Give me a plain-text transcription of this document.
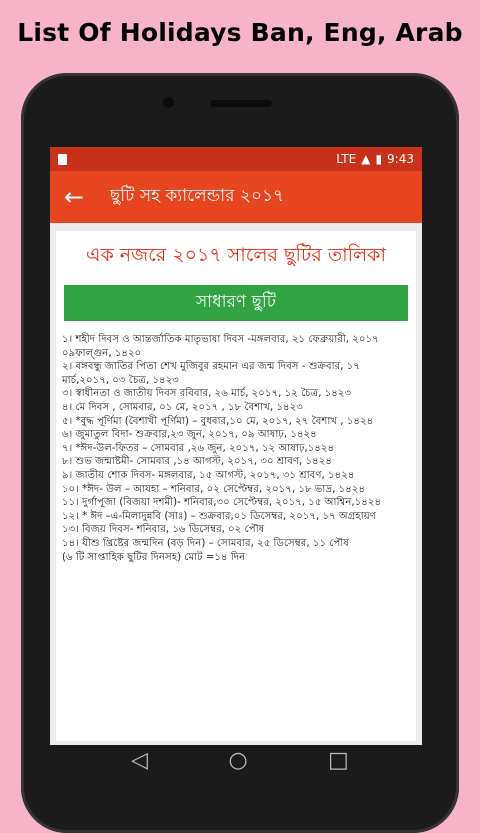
List Of Holidays Ban, Eng, Arab
LTE ▲ ▮ 9:43
←	ছুটি সহ ক্যালেন্ডার ২০১৭
এক নজরে ২০১৭ সালের ছুটির তালিকা
সাধারণ ছুটি
১। শহীদ দিবস ও আন্তর্জাতিক মাতৃভাষা দিবস -মঙ্গলবার, ২১ ফেব্রুয়ারী, ২০১৭ ০৯ফাল্গুন, ১৪২০
২। বঙ্গবন্ধু জাতির পিতা শেখ মুজিবুর রহমান এর জন্ম দিবস - শুক্রবার, ১৭ মার্চ,২০১৭, ০৩ চৈত্র, ১৪২৩
৩। স্বাধীনতা ও জাতীয় দিবস রবিবার, ২৬ মার্চ, ২০১৭, ১২ চৈত্র, ১৪২৩
৪। মে দিবস , সোমবার, ০১ মে, ২০১৭ , ১৮ বৈশাখ, ১৪২৩
৫। *বুদ্ধ পূর্ণিমা (বৈশাখী পূর্ণিমা) – বুধবার,১০ মে, ২০১৭, ২৭ বৈশাখ , ১৪২৪
৬। জুমাতুল বিদা- শুক্রবার,২৩ জুন, ২০১৭, ০৯ আষাঢ়, ১৪২৪
৭। *ঈদ-উল-ফিতর – সোমবার ,২৬ জুন, ২০১৭, ১২ আষাঢ়,১৪২৪
৮। শুভ জন্মাষ্টমী- সোমবার ,১৪ আগস্ট, ২০১৭, ৩০ শ্রাবণ, ১৪২৪
৯। জাতীয় শোক দিবস- মঙ্গলবার, ১৫ আগস্ট, ২০১৭, ৩১ শ্রাবণ, ১৪২৪
১০। *ঈদ- উল – আযহা – শনিবার, ০২ সেপ্টেম্বর, ২০১৭, ১৮ ভাদ্র, ১৪২৪
১১। দুর্গাপূজা (বিজয়া দশমী)- শনিবার,৩০ সেপ্টেম্বর, ২০১৭, ১৫ আশ্বিন,১৪২৪
১২। * ঈদ –এ-মিলাদুন্নবি (সাঃ) – শুক্রবার,০১ ডিসেম্বর, ২০১৭, ১৭ অগ্রহায়ণ
১৩। বিজয় দিবস- শনিবার, ১৬ ডিসেম্বর, ০২ পৌষ
১৪। যীশু খ্রিষ্টের জন্মদিন (বড় দিন) – সোমবার, ২৫ ডিসেম্বর, ১১ পৌষ
(৬ টি সাপ্তাহিক ছুটির দিনসহ) মোট =১৪ দিন
◁	○	□
